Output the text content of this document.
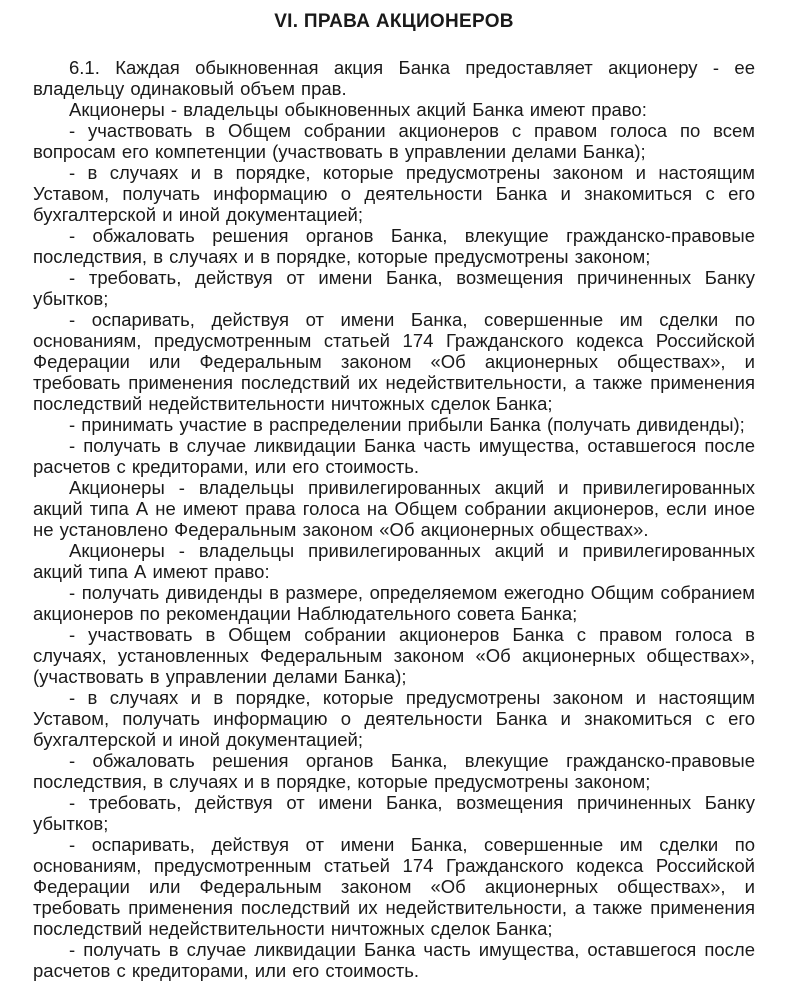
VI. ПРАВА АКЦИОНЕРОВ

6.1. Каждая обыкновенная акция Банка предоставляет акционеру - ее владельцу одинаковый объем прав.

Акционеры - владельцы обыкновенных акций Банка имеют право:

- участвовать в Общем собрании акционеров с правом голоса по всем вопросам его компетенции (участвовать в управлении делами Банка);

- в случаях и в порядке, которые предусмотрены законом и настоящим Уставом, получать информацию о деятельности Банка и знакомиться с его бухгалтерской и иной документацией;

- обжаловать решения органов Банка, влекущие гражданско-правовые последствия, в случаях и в порядке, которые предусмотрены законом;

- требовать, действуя от имени Банка, возмещения причиненных Банку убытков;

- оспаривать, действуя от имени Банка, совершенные им сделки по основаниям, предусмотренным статьей 174 Гражданского кодекса Российской Федерации или Федеральным законом «Об акционерных обществах», и требовать применения последствий их недействительности, а также применения последствий недействительности ничтожных сделок Банка;

- принимать участие в распределении прибыли Банка (получать дивиденды);

- получать в случае ликвидации Банка часть имущества, оставшегося после расчетов с кредиторами, или его стоимость.

Акционеры - владельцы привилегированных акций и привилегированных акций типа А не имеют права голоса на Общем собрании акционеров, если иное не установлено Федеральным законом «Об акционерных обществах».

Акционеры - владельцы привилегированных акций и привилегированных акций типа А имеют право:

- получать дивиденды в размере, определяемом ежегодно Общим собранием акционеров по рекомендации Наблюдательного совета Банка;

- участвовать в Общем собрании акционеров Банка с правом голоса в случаях, установленных Федеральным законом «Об акционерных обществах», (участвовать в управлении делами Банка);

- в случаях и в порядке, которые предусмотрены законом и настоящим Уставом, получать информацию о деятельности Банка и знакомиться с его бухгалтерской и иной документацией;

- обжаловать решения органов Банка, влекущие гражданско-правовые последствия, в случаях и в порядке, которые предусмотрены законом;

- требовать, действуя от имени Банка, возмещения причиненных Банку убытков;

- оспаривать, действуя от имени Банка, совершенные им сделки по основаниям, предусмотренным статьей 174 Гражданского кодекса Российской Федерации или Федеральным законом «Об акционерных обществах», и требовать применения последствий их недействительности, а также применения последствий недействительности ничтожных сделок Банка;

- получать в случае ликвидации Банка часть имущества, оставшегося после расчетов с кредиторами, или его стоимость.
